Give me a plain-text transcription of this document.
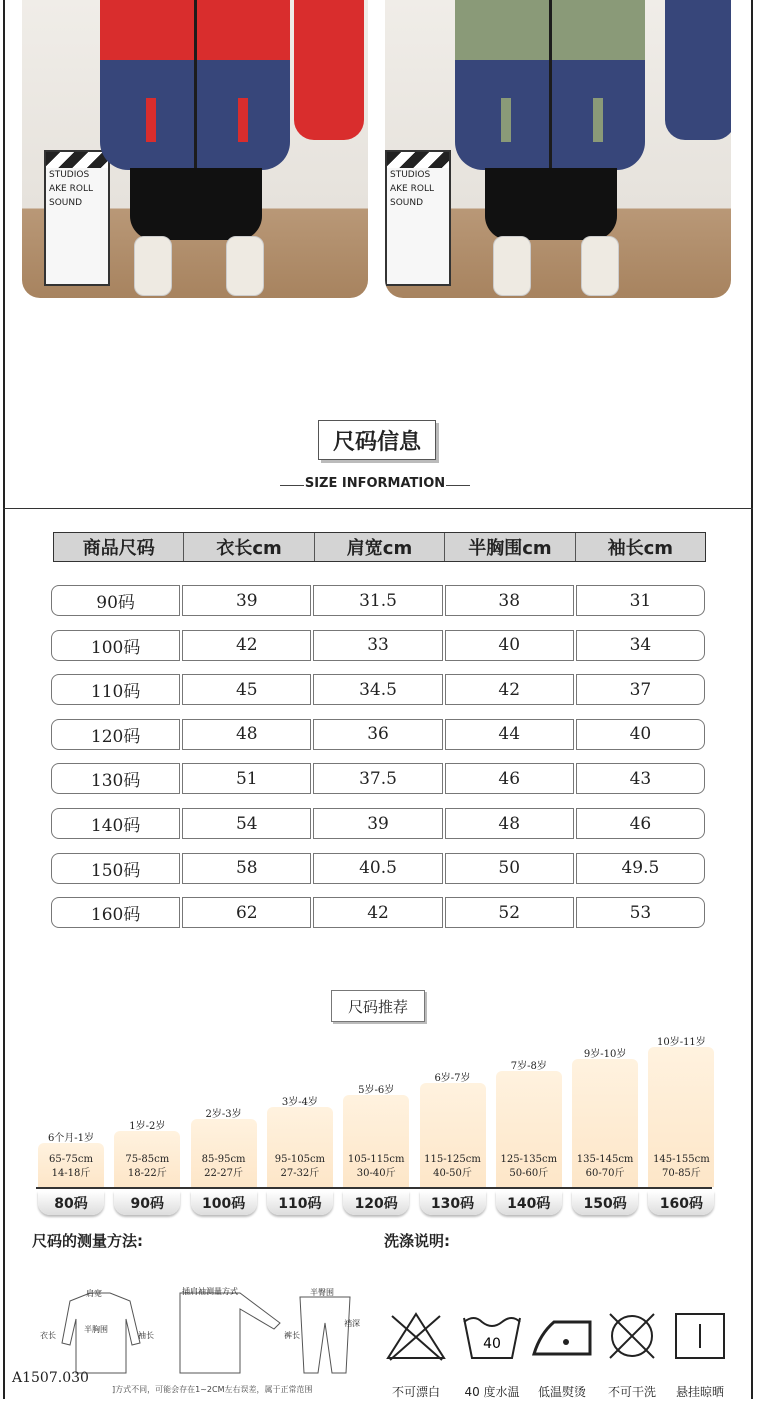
STUDIOS
AKE ROLL
SOUND
STUDIOS
AKE ROLL
SOUND
尺码信息
SIZE INFORMATION
商品尺码	衣长cm	肩宽cm	半胸围cm	袖长cm
90码	39	31.5	38	31
100码	42	33	40	34
110码	45	34.5	42	37
120码	48	36	44	40
130码	51	37.5	46	43
140码	54	39	48	46
150码	58	40.5	50	49.5
160码	62	42	52	53
尺码推荐
6个月-1岁
65-75cm
14-18斤
80码
1岁-2岁
75-85cm
18-22斤
90码
2岁-3岁
85-95cm
22-27斤
100码
3岁-4岁
95-105cm
27-32斤
110码
5岁-6岁
105-115cm
30-40斤
120码
6岁-7岁
115-125cm
40-50斤
130码
7岁-8岁
125-135cm
50-60斤
140码
9岁-10岁
135-145cm
60-70斤
150码
10岁-11岁
145-155cm
70-85斤
160码
尺码的测量方法:
肩宽
半胸围
衣长	袖长
插肩袖测量方式	半臀围
裆深
裤长
]方式不同，可能会存在1~2CM左右误差，属于正常范围
洗涤说明:
40
不可漂白	40 度水温	低温熨烫	不可干洗	悬挂晾晒
A1507.030
